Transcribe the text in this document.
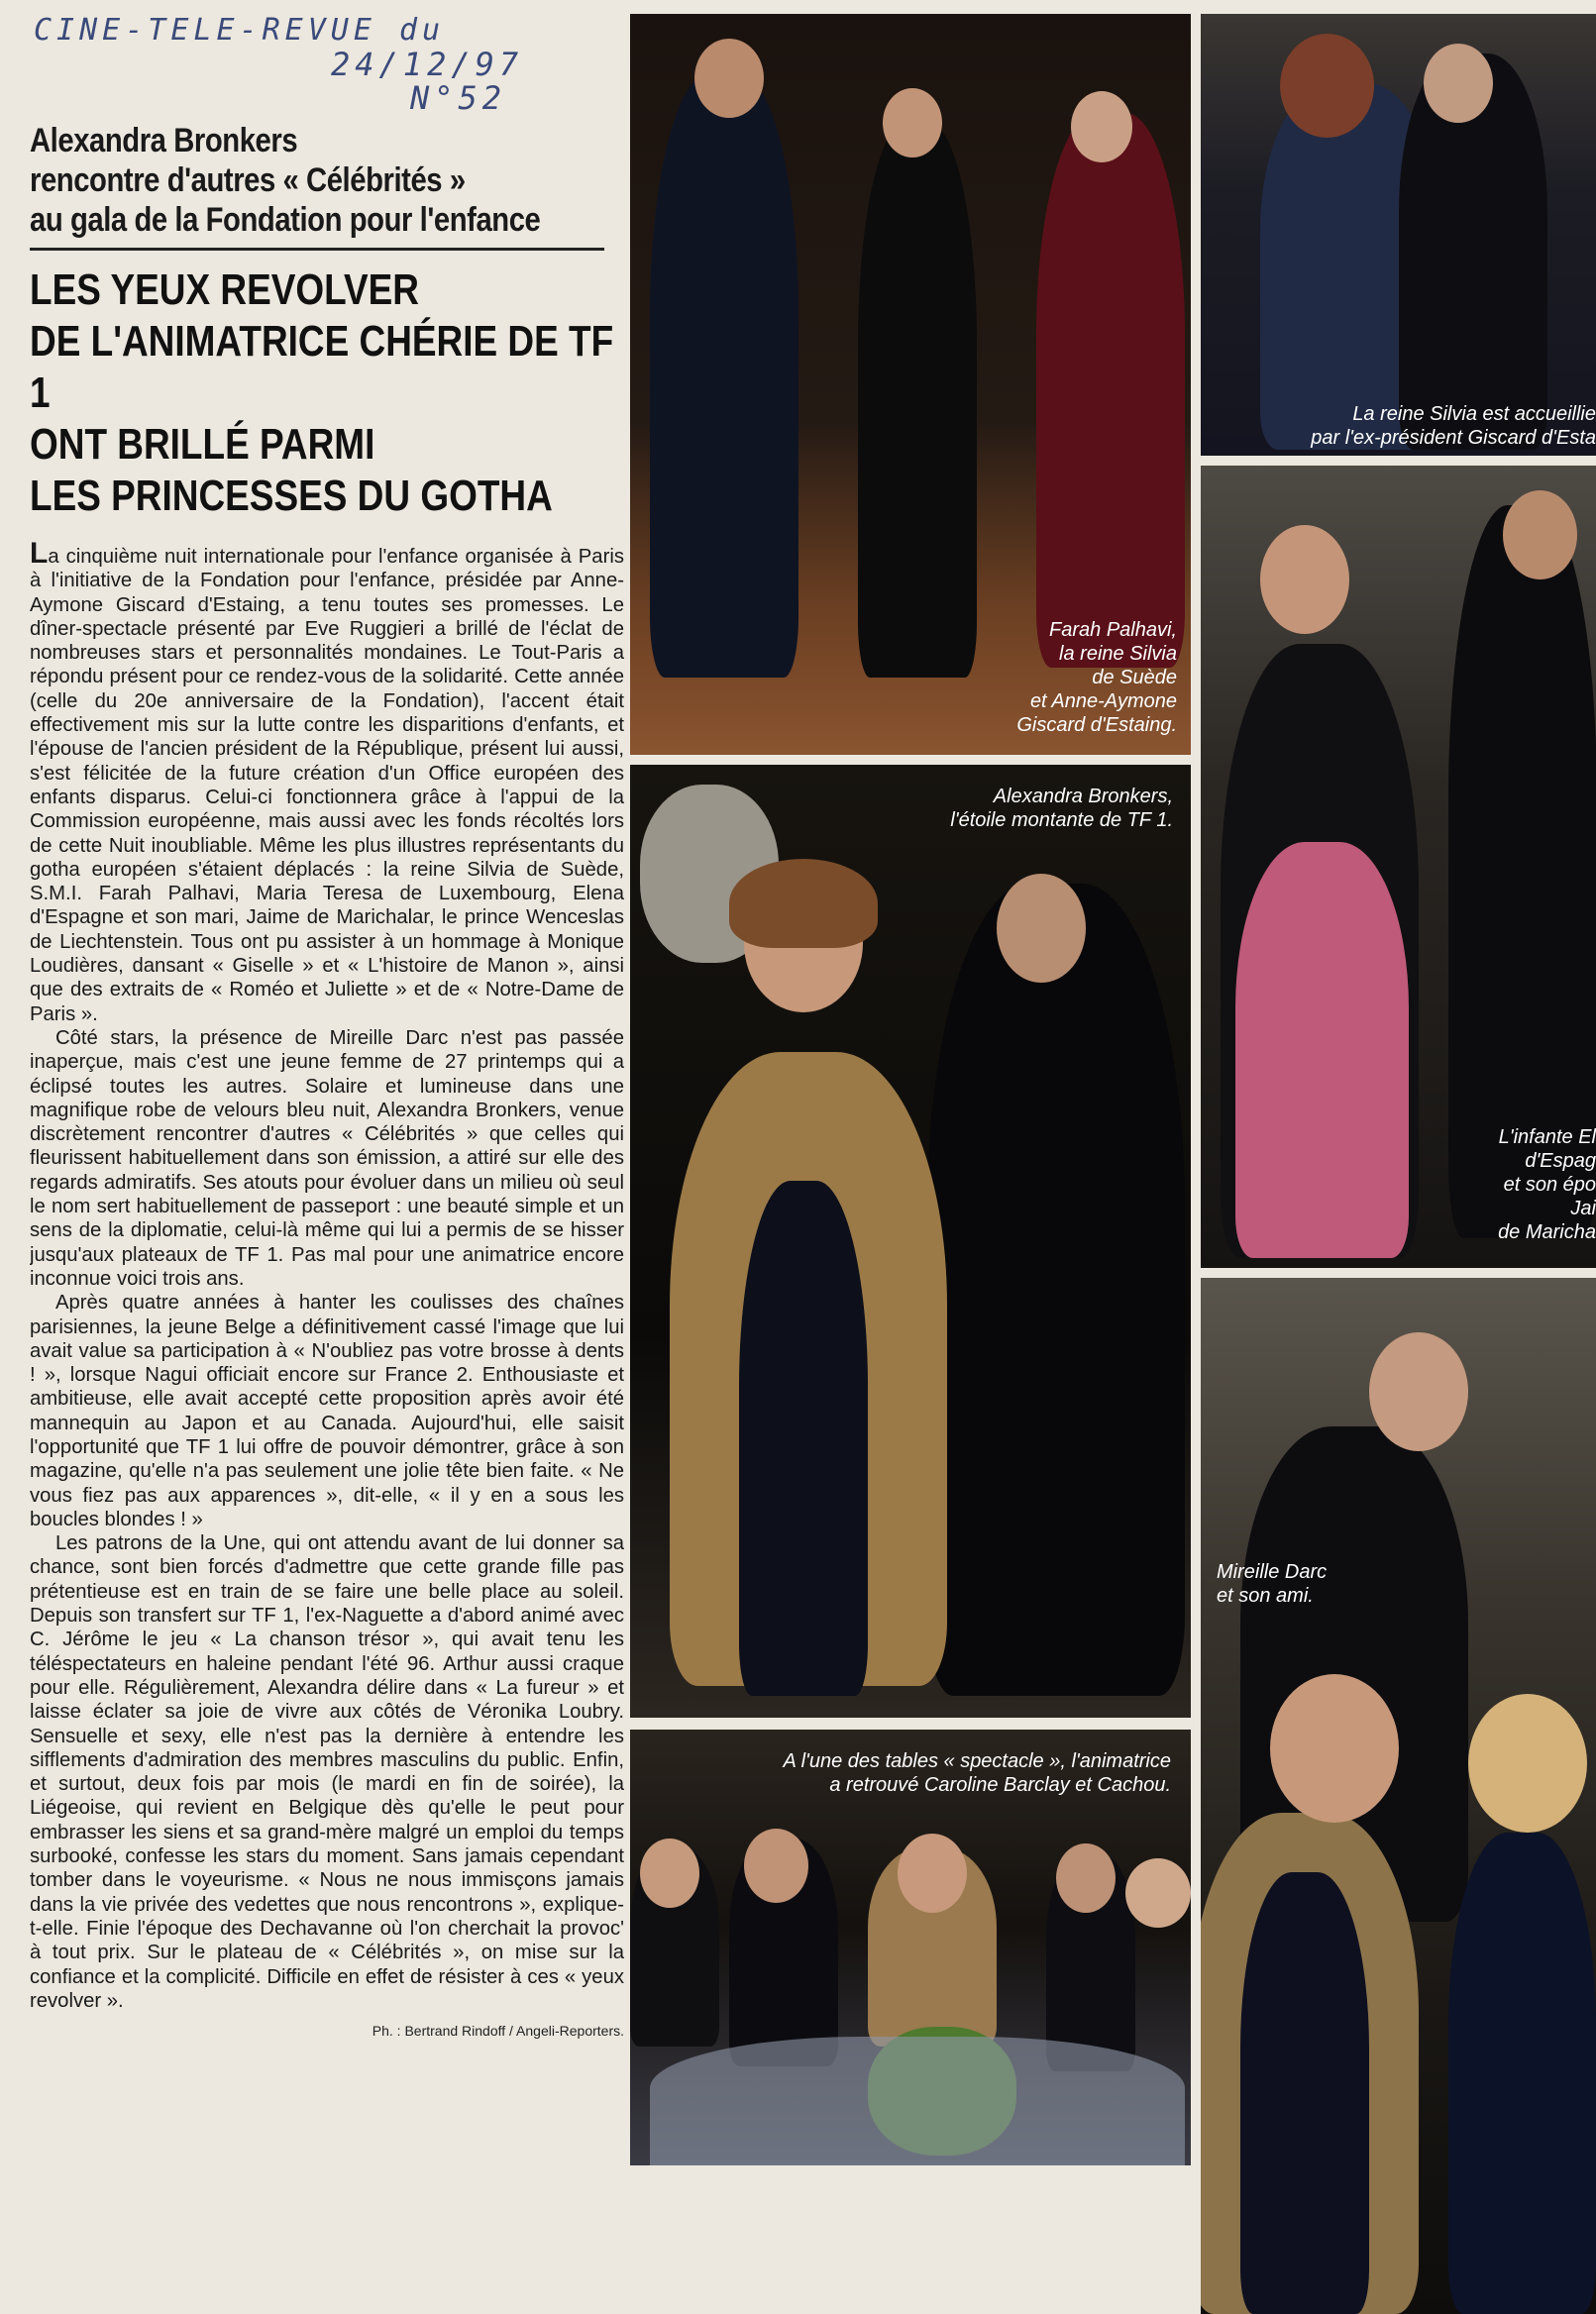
CINE-TELE-REVUE du
24/12/97
N°52
Alexandra Bronkers
rencontre d'autres « Célébrités »
au gala de la Fondation pour l'enfance
LES YEUX REVOLVER
DE L'ANIMATRICE CHÉRIE DE TF 1
ONT BRILLÉ PARMI
LES PRINCESSES DU GOTHA

La cinquième nuit internationale pour l'enfance organisée à Paris à l'initiative de la Fondation pour l'enfance, présidée par Anne-Aymone Giscard d'Estaing, a tenu toutes ses promesses. Le dîner-spectacle présenté par Eve Ruggieri a brillé de l'éclat de nombreuses stars et personnalités mondaines. Le Tout-Paris a répondu présent pour ce rendez-vous de la solidarité. Cette année (celle du 20e anniversaire de la Fondation), l'accent était effectivement mis sur la lutte contre les disparitions d'enfants, et l'épouse de l'ancien président de la République, présent lui aussi, s'est félicitée de la future création d'un Office européen des enfants disparus. Celui-ci fonctionnera grâce à l'appui de la Commission européenne, mais aussi avec les fonds récoltés lors de cette Nuit inoubliable. Même les plus illustres représentants du gotha européen s'étaient déplacés : la reine Silvia de Suède, S.M.I. Farah Palhavi, Maria Teresa de Luxembourg, Elena d'Espagne et son mari, Jaime de Marichalar, le prince Wenceslas de Liechtenstein. Tous ont pu assister à un hommage à Monique Loudières, dansant « Giselle » et « L'histoire de Manon », ainsi que des extraits de « Roméo et Juliette » et de « Notre-Dame de Paris ».

Côté stars, la présence de Mireille Darc n'est pas passée inaperçue, mais c'est une jeune femme de 27 printemps qui a éclipsé toutes les autres. Solaire et lumineuse dans une magnifique robe de velours bleu nuit, Alexandra Bronkers, venue discrètement rencontrer d'autres « Célébrités » que celles qui fleurissent habituellement dans son émission, a attiré sur elle des regards admiratifs. Ses atouts pour évoluer dans un milieu où seul le nom sert habituellement de passeport : une beauté simple et un sens de la diplomatie, celui-là même qui lui a permis de se hisser jusqu'aux plateaux de TF 1. Pas mal pour une animatrice encore inconnue voici trois ans.

Après quatre années à hanter les coulisses des chaînes parisiennes, la jeune Belge a définitivement cassé l'image que lui avait value sa participation à « N'oubliez pas votre brosse à dents ! », lorsque Nagui officiait encore sur France 2. Enthousiaste et ambitieuse, elle avait accepté cette proposition après avoir été mannequin au Japon et au Canada. Aujourd'hui, elle saisit l'opportunité que TF 1 lui offre de pouvoir démontrer, grâce à son magazine, qu'elle n'a pas seulement une jolie tête bien faite. « Ne vous fiez pas aux apparences », dit-elle, « il y en a sous les boucles blondes ! »

Les patrons de la Une, qui ont attendu avant de lui donner sa chance, sont bien forcés d'admettre que cette grande fille pas prétentieuse est en train de se faire une belle place au soleil. Depuis son transfert sur TF 1, l'ex-Naguette a d'abord animé avec C. Jérôme le jeu « La chanson trésor », qui avait tenu les téléspectateurs en haleine pendant l'été 96. Arthur aussi craque pour elle. Régulièrement, Alexandra délire dans « La fureur » et laisse éclater sa joie de vivre aux côtés de Véronika Loubry. Sensuelle et sexy, elle n'est pas la dernière à entendre les sifflements d'admiration des membres masculins du public. Enfin, et surtout, deux fois par mois (le mardi en fin de soirée), la Liégeoise, qui revient en Belgique dès qu'elle le peut pour embrasser les siens et sa grand-mère malgré un emploi du temps surbooké, confesse les stars du moment. Sans jamais cependant tomber dans le voyeurisme. « Nous ne nous immisçons jamais dans la vie privée des vedettes que nous rencontrons », explique-t-elle. Finie l'époque des Dechavanne où l'on cherchait la provoc' à tout prix. Sur le plateau de « Célébrités », on mise sur la confiance et la complicité. Difficile en effet de résister à ces « yeux revolver ».

Ph. : Bertrand Rindoff / Angeli-Reporters.
Farah Palhavi,
la reine Silvia
de Suède
et Anne-Aymone
Giscard d'Estaing.
La reine Silvia est accueillie
par l'ex-président Giscard d'Esta
Alexandra Bronkers,
l'étoile montante de TF 1.
L'infante El
d'Espag
et son épo
Jai
de Maricha
Mireille Darc
et son ami.
A l'une des tables « spectacle », l'animatrice
a retrouvé Caroline Barclay et Cachou.
